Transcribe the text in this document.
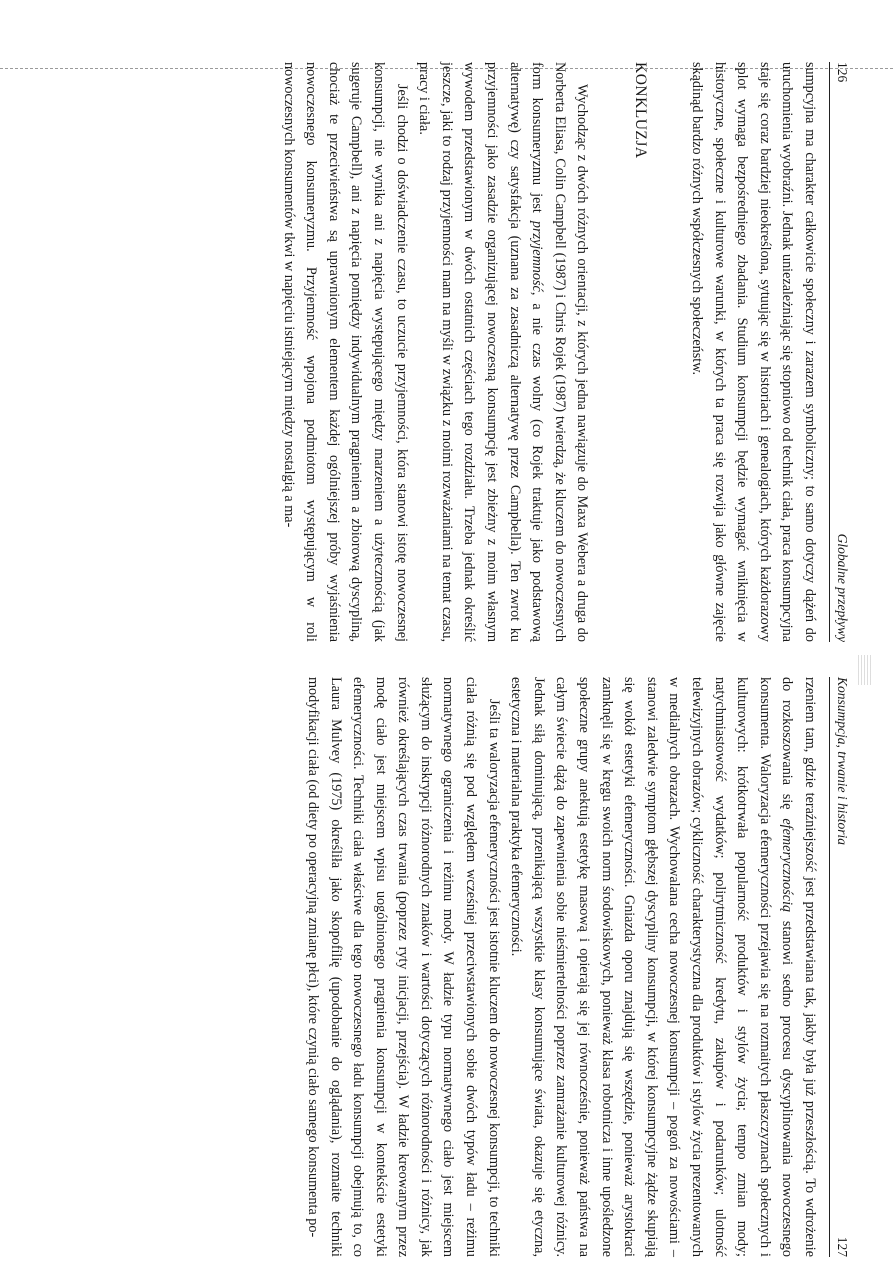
126
Globalne przepływy

sumpcyjna ma charakter całkowicie społeczny i zarazem symboliczny; to samo dotyczy dążeń do uruchomienia wyobraźni. Jednak uniezależniając się stopniowo od technik ciała, praca konsumpcyjna staje się coraz bardziej nieokreślona, sytuując się w historiach i genealogiach, których każdorazowy splot wymaga bezpośredniego zbadania. Studium konsumpcji będzie wymagać wniknięcia w historyczne, społeczne i kulturowe warunki, w których ta praca się rozwija jako główne zajęcie skądinąd bardzo różnych współczesnych społeczeństw.

KONKLUZJA

Wychodząc z dwóch różnych orientacji, z których jedna nawiązuje do Maxa Webera a druga do Norberta Eliasa, Colin Campbell (1987) i Chris Rojek (1987) twierdzą, że kluczem do nowoczesnych form konsumeryzmu jest przyjemność, a nie czas wolny (co Rojek traktuje jako podstawową alternatywę) czy satysfakcja (uznana za zasadniczą alternatywę przez Campbella). Ten zwrot ku przyjemności jako zasadzie organizującej nowoczesną konsumpcję jest zbieżny z moim własnym wywodem przedstawionym w dwóch ostatnich częściach tego rozdziału. Trzeba jednak określić jeszcze, jaki to rodzaj przyjemności mam na myśli w związku z moimi rozważaniami na temat czasu, pracy i ciała.

Jeśli chodzi o doświadczenie czasu, to uczucie przyjemności, która stanowi istotę nowoczesnej konsumpcji, nie wynika ani z napięcia występującego między marzeniem a użytecznością (jak sugeruje Campbell), ani z napięcia pomiędzy indywidualnym pragnieniem a zbiorową dyscypliną, chociaż te przeciwieństwa są uprawnionym elementem każdej ogólniejszej próby wyjaśnienia nowoczesnego konsumeryzmu. Przyjemność wpojona podmiotom występującym w roli nowoczesnych konsumentów tkwi w napięciu istniejącym między nostalgią a ma-

Konsumpcja, trwanie i historia
127

rzeniem tam, gdzie teraźniejszość jest przedstawiana tak, jakby była już przeszłością. To wdrożenie do rozkoszowania się efemerycznością stanowi sedno procesu dyscyplinowania nowoczesnego konsumenta. Waloryzacja efemeryczności przejawia się na rozmaitych płaszczyznach społecznych i kulturowych: krótkotrwała popularność produktów i stylów życia; tempo zmian mody; natychmiastowość wydatków; polirytmiczność kredytu, zakupów i podarunków; ulotność telewizyjnych obrazów; cykliczność charakterystyczna dla produktów i stylów życia prezentowanych w medialnych obrazach. Wychowalana cecha nowoczesnej konsumpcji – pogoń za nowościami – stanowi zaledwie symptom głębszej dyscypliny konsumpcji, w której konsumpcyjne żądze skupiają się wokół estetyki efemeryczności. Gniazda oporu znajdują się wszędzie, ponieważ arystokraci zamknęli się w kręgu swoich norm środowiskowych, ponieważ klasa robotnicza i inne upośledzone społeczne grupy anektują estetykę masową i opierają się jej równocześnie, ponieważ państwa na całym świecie dążą do zapewnienia sobie nieśmiertelności poprzez zamrażanie kulturowej różnicy. Jednak siłą dominującą, przenikającą wszystkie klasy konsumujące świata, okazuje się etyczna, estetyczna i materialna praktyka efemeryczności.

Jeśli ta waloryzacja efemeryczności jest istotnie kluczem do nowoczesnej konsumpcji, to techniki ciała różnią się pod względem wcześniej przeciwstawionych sobie dwóch typów ładu – reżimu normatywnego ograniczenia i reżimu mody. W ładzie typu normatywnego ciało jest miejscem służącym do inskrypcji różnorodnych znaków i wartości dotyczących różnorodności i różnicy, jak również określających czas trwania (poprzez ryty inicjacji, przejścia). W ładzie kreowanym przez modę ciało jest miejscem wpisu uogólnionego pragnienia konsumpcji w kontekście estetyki efemeryczności. Techniki ciała właściwe dla tego nowoczesnego ładu konsumpcji obejmują to, co Laura Mulvey (1975) określiła jako skopofilię (upodobanie do oglądania), rozmaite techniki modyfikacji ciała (od diety po operacyjną zmianę płci), które czynią ciało samego konsumenta po-
